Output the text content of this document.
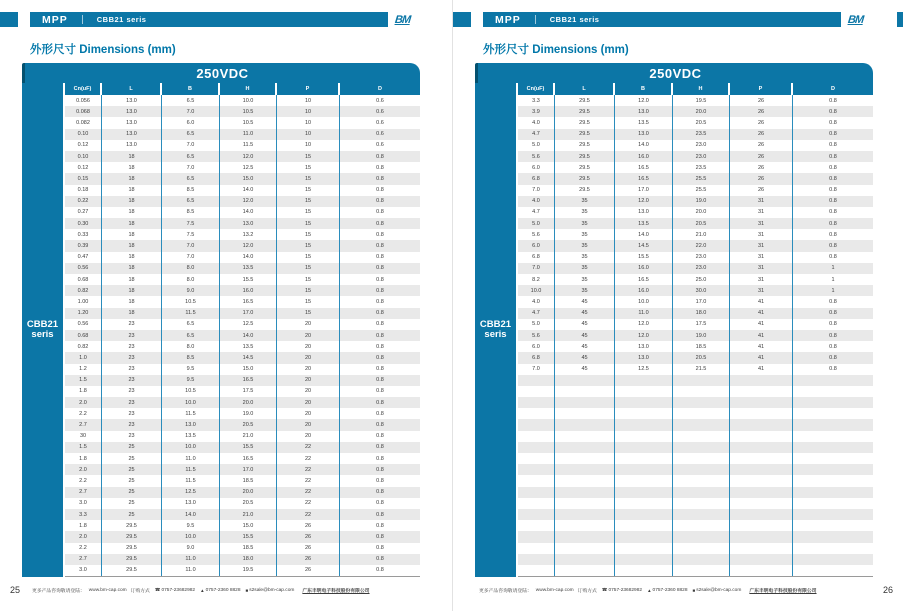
MPP	CBB21 seris	BM
外形尺寸 Dimensions (mm)
250VDC
CBB21
seris
Cn(uF)	L	B	H	P	D
0.056	13.0	6.5	10.0	10	0.6
0.068	13.0	7.0	10.5	10	0.6
0.082	13.0	6.0	10.5	10	0.6
0.10	13.0	6.5	11.0	10	0.6
0.12	13.0	7.0	11.5	10	0.6
0.10	18	6.5	12.0	15	0.8
0.12	18	7.0	12.5	15	0.8
0.15	18	6.5	15.0	15	0.8
0.18	18	8.5	14.0	15	0.8
0.22	18	6.5	12.0	15	0.8
0.27	18	8.5	14.0	15	0.8
0.30	18	7.5	13.0	15	0.8
0.33	18	7.5	13.2	15	0.8
0.39	18	7.0	12.0	15	0.8
0.47	18	7.0	14.0	15	0.8
0.56	18	8.0	13.5	15	0.8
0.68	18	8.0	15.5	15	0.8
0.82	18	9.0	16.0	15	0.8
1.00	18	10.5	16.5	15	0.8
1.20	18	11.5	17.0	15	0.8
0.56	23	6.5	12.5	20	0.8
0.68	23	6.5	14.0	20	0.8
0.82	23	8.0	13.5	20	0.8
1.0	23	8.5	14.5	20	0.8
1.2	23	9.5	15.0	20	0.8
1.5	23	9.5	16.5	20	0.8
1.8	23	10.5	17.5	20	0.8
2.0	23	10.0	20.0	20	0.8
2.2	23	11.5	19.0	20	0.8
2.7	23	13.0	20.5	20	0.8
30	23	13.5	21.0	20	0.8
1.5	25	10.0	15.5	22	0.8
1.8	25	11.0	16.5	22	0.8
2.0	25	11.5	17.0	22	0.8
2.2	25	11.5	18.5	22	0.8
2.7	25	12.5	20.0	22	0.8
3.0	25	13.0	20.5	22	0.8
3.3	25	14.0	21.0	22	0.8
1.8	29.5	9.5	15.0	26	0.8
2.0	29.5	10.0	15.5	26	0.8
2.2	29.5	9.0	18.5	26	0.8
2.7	29.5	11.0	18.0	26	0.8
3.0	29.5	11.0	19.5	26	0.8
25	更多产品咨询敬请登陆： www.bm-cap.com 订购方式 ☎ 0757-23682982 ▲ 0757-2360 8828 ■ s2sale@bm-cap.com 广东丰明电子科技股份有限公司
MPP	CBB21 seris	BM
外形尺寸 Dimensions (mm)
250VDC
CBB21
seris
Cn(uF)	L	B	H	P	D
3.3	29.5	12.0	19.5	26	0.8
3.9	29.5	13.0	20.0	26	0.8
4.0	29.5	13.5	20.5	26	0.8
4.7	29.5	13.0	23.5	26	0.8
5.0	29.5	14.0	23.0	26	0.8
5.6	29.5	16.0	23.0	26	0.8
6.0	29.5	16.5	23.5	26	0.8
6.8	29.5	16.5	25.5	26	0.8
7.0	29.5	17.0	25.5	26	0.8
4.0	35	12.0	19.0	31	0.8
4.7	35	13.0	20.0	31	0.8
5.0	35	13.5	20.5	31	0.8
5.6	35	14.0	21.0	31	0.8
6.0	35	14.5	22.0	31	0.8
6.8	35	15.5	23.0	31	0.8
7.0	35	16.0	23.0	31	1
8.2	35	16.5	25.0	31	1
10.0	35	16.0	30.0	31	1
4.0	45	10.0	17.0	41	0.8
4.7	45	11.0	18.0	41	0.8
5.0	45	12.0	17.5	41	0.8
5.6	45	12.0	19.0	41	0.8
6.0	45	13.0	18.5	41	0.8
6.8	45	13.0	20.5	41	0.8
7.0	45	12.5	21.5	41	0.8
更多产品咨询敬请登陆： www.bm-cap.com 订购方式 ☎ 0757-23682982 ▲ 0757-2360 8828 ■ s2sale@bm-cap.com 广东丰明电子科技股份有限公司	26
